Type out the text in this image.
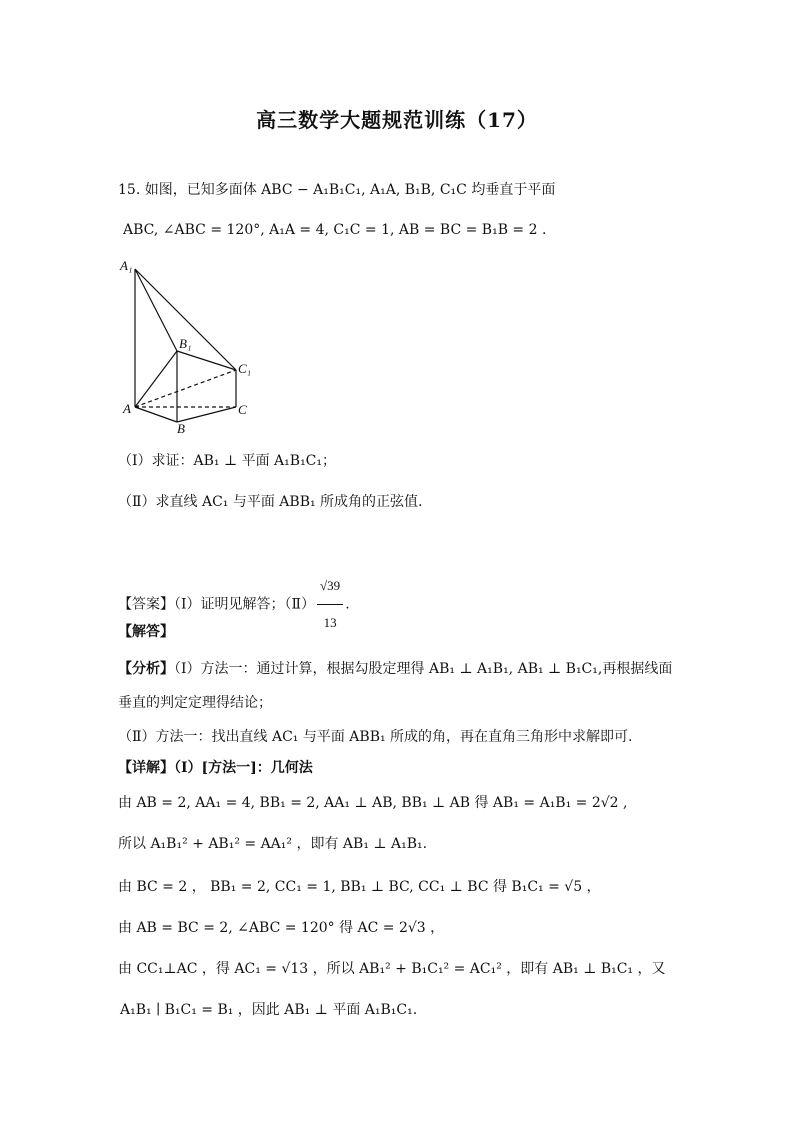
高三数学大题规范训练（17）
15. 如图，已知多面体 ABC − A₁B₁C₁, A₁A, B₁B, C₁C 均垂直于平面
ABC, ∠ABC = 120°, A₁A = 4, C₁C = 1, AB = BC = B₁B = 2 .
A₁
B₁
C₁
A
B
C
（Ⅰ）求证：AB₁ ⊥ 平面 A₁B₁C₁；
（Ⅱ）求直线 AC₁ 与平面 ABB₁ 所成角的正弦值.
【答案】（Ⅰ）证明见解答；（Ⅱ） $\frac{√39}{13}$ .
【解答】
【分析】（Ⅰ）方法一：通过计算，根据勾股定理得 AB₁ ⊥ A₁B₁, AB₁ ⊥ B₁C₁,再根据线面
垂直的判定定理得结论；
（Ⅱ）方法一：找出直线 AC₁ 与平面 ABB₁ 所成的角，再在直角三角形中求解即可.
【详解】（Ⅰ）[方法一]：几何法
由 AB = 2, AA₁ = 4, BB₁ = 2, AA₁ ⊥ AB, BB₁ ⊥ AB 得 AB₁ = A₁B₁ = 2√2 ,
所以 A₁B₁² + AB₁² = AA₁² ，即有 AB₁ ⊥ A₁B₁.
由 BC = 2 ， BB₁ = 2, CC₁ = 1, BB₁ ⊥ BC, CC₁ ⊥ BC 得 B₁C₁ = √5 ，
由 AB = BC = 2, ∠ABC = 120° 得 AC = 2√3 ，
由 CC₁⊥AC ，得 AC₁ = √13 ，所以 AB₁² + B₁C₁² = AC₁² ，即有 AB₁ ⊥ B₁C₁ ，又
A₁B₁ ∣ B₁C₁ = B₁ ，因此 AB₁ ⊥ 平面 A₁B₁C₁.
